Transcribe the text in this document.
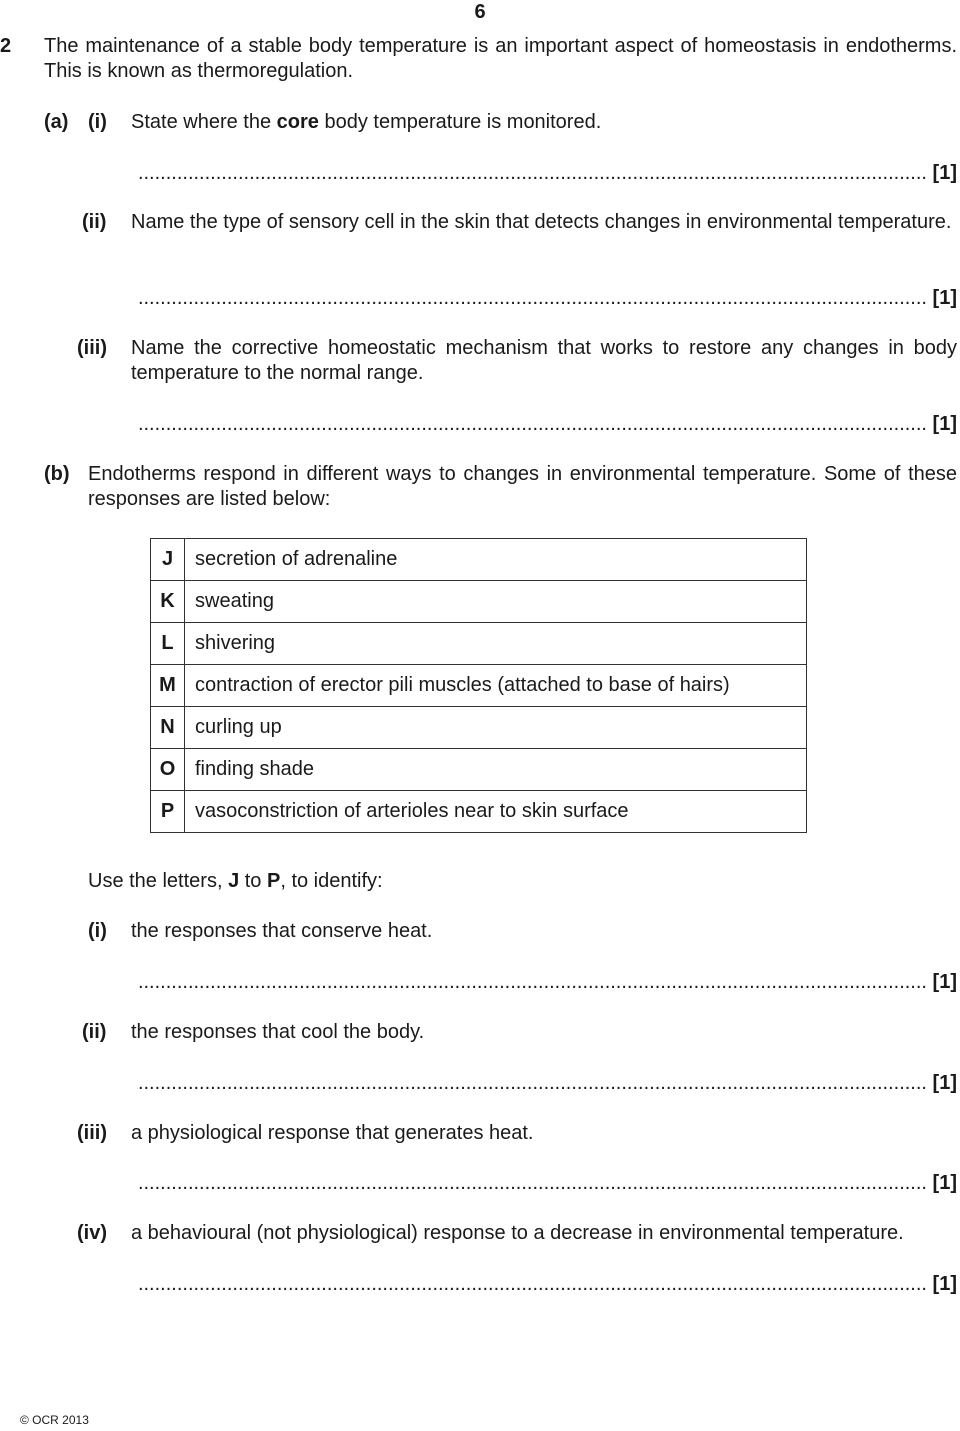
6
2 The maintenance of a stable body temperature is an important aspect of homeostasis in endotherms. This is known as thermoregulation.
(a) (i) State where the core body temperature is monitored.
.............................................................................................................................................. [1]
(ii) Name the type of sensory cell in the skin that detects changes in environmental temperature.
.............................................................................................................................................. [1]
(iii) Name the corrective homeostatic mechanism that works to restore any changes in body temperature to the normal range.
.............................................................................................................................................. [1]
(b) Endotherms respond in different ways to changes in environmental temperature. Some of these responses are listed below:
J	secretion of adrenaline
K	sweating
L	shivering
M	contraction of erector pili muscles (attached to base of hairs)
N	curling up
O	finding shade
P	vasoconstriction of arterioles near to skin surface
Use the letters, J to P, to identify:
(i) the responses that conserve heat.
.............................................................................................................................................. [1]
(ii) the responses that cool the body.
.............................................................................................................................................. [1]
(iii) a physiological response that generates heat.
.............................................................................................................................................. [1]
(iv) a behavioural (not physiological) response to a decrease in environmental temperature.
.............................................................................................................................................. [1]
© OCR 2013
